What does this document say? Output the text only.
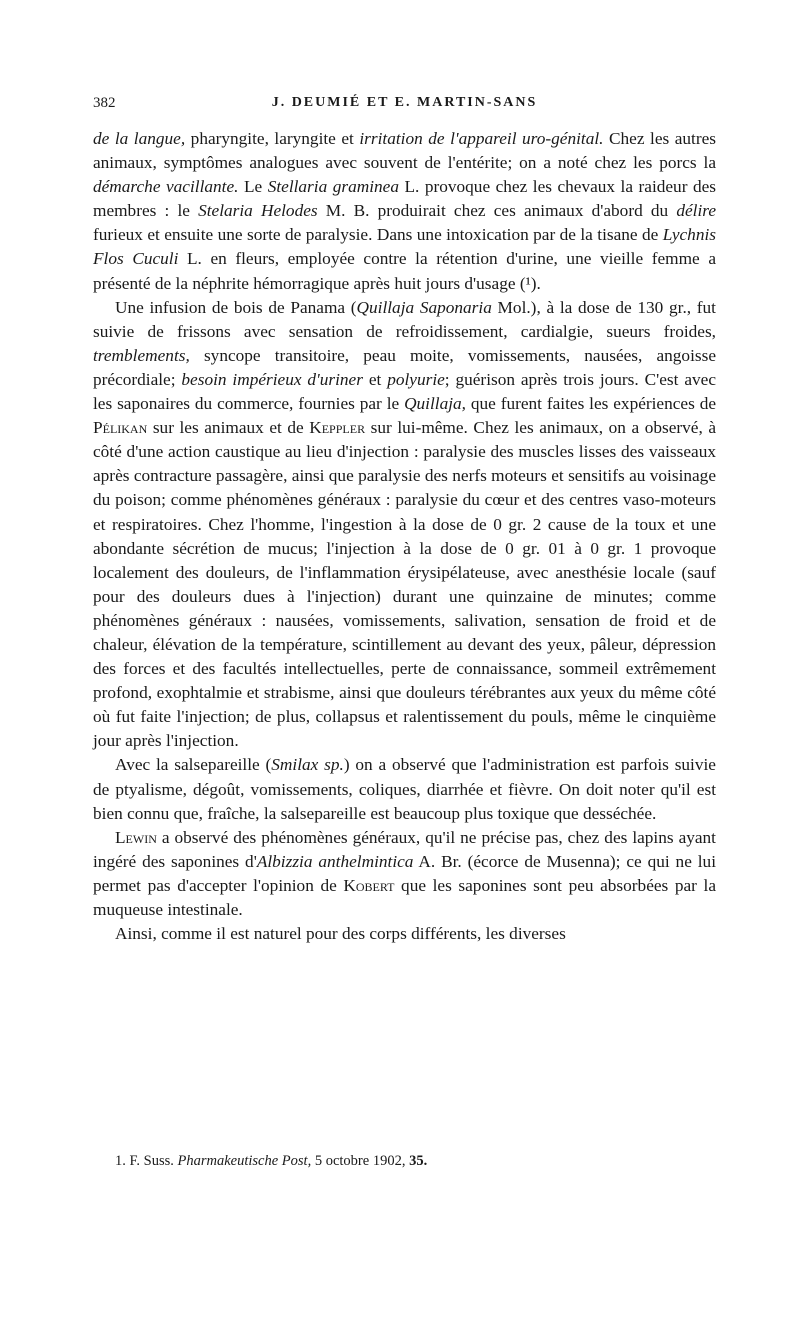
382	J. DEUMIÉ ET E. MARTIN-SANS

de la langue, pharyngite, laryngite et irritation de l'appareil uro-génital. Chez les autres animaux, symptômes analogues avec souvent de l'entérite; on a noté chez les porcs la démarche vacillante. Le Stellaria graminea L. provoque chez les chevaux la raideur des membres : le Stelaria Helodes M. B. produirait chez ces animaux d'abord du délire furieux et ensuite une sorte de paralysie. Dans une intoxication par de la tisane de Lychnis Flos Cuculi L. en fleurs, employée contre la rétention d'urine, une vieille femme a présenté de la néphrite hémorragique après huit jours d'usage (¹).

Une infusion de bois de Panama (Quillaja Saponaria Mol.), à la dose de 130 gr., fut suivie de frissons avec sensation de refroidissement, cardialgie, sueurs froides, tremblements, syncope transitoire, peau moite, vomissements, nausées, angoisse précordiale; besoin impérieux d'uriner et polyurie; guérison après trois jours. C'est avec les saponaires du commerce, fournies par le Quillaja, que furent faites les expériences de Pélikan sur les animaux et de Keppler sur lui-même. Chez les animaux, on a observé, à côté d'une action caustique au lieu d'injection : paralysie des muscles lisses des vaisseaux après contracture passagère, ainsi que paralysie des nerfs moteurs et sensitifs au voisinage du poison; comme phénomènes généraux : paralysie du cœur et des centres vaso-moteurs et respiratoires. Chez l'homme, l'ingestion à la dose de 0 gr. 2 cause de la toux et une abondante sécrétion de mucus; l'injection à la dose de 0 gr. 01 à 0 gr. 1 provoque localement des douleurs, de l'inflammation érysipélateuse, avec anesthésie locale (sauf pour des douleurs dues à l'injection) durant une quinzaine de minutes; comme phénomènes généraux : nausées, vomissements, salivation, sensation de froid et de chaleur, élévation de la température, scintillement au devant des yeux, pâleur, dépression des forces et des facultés intellectuelles, perte de connaissance, sommeil extrêmement profond, exophtalmie et strabisme, ainsi que douleurs térébrantes aux yeux du même côté où fut faite l'injection; de plus, collapsus et ralentissement du pouls, même le cinquième jour après l'injection.

Avec la salsepareille (Smilax sp.) on a observé que l'administration est parfois suivie de ptyalisme, dégoût, vomissements, coliques, diarrhée et fièvre. On doit noter qu'il est bien connu que, fraîche, la salsepareille est beaucoup plus toxique que desséchée.

Lewin a observé des phénomènes généraux, qu'il ne précise pas, chez des lapins ayant ingéré des saponines d'Albizzia anthelmintica A. Br. (écorce de Musenna); ce qui ne lui permet pas d'accepter l'opinion de Kobert que les saponines sont peu absorbées par la muqueuse intestinale.

Ainsi, comme il est naturel pour des corps différents, les diverses

1. F. Suss. Pharmakeutische Post, 5 octobre 1902, 35.
